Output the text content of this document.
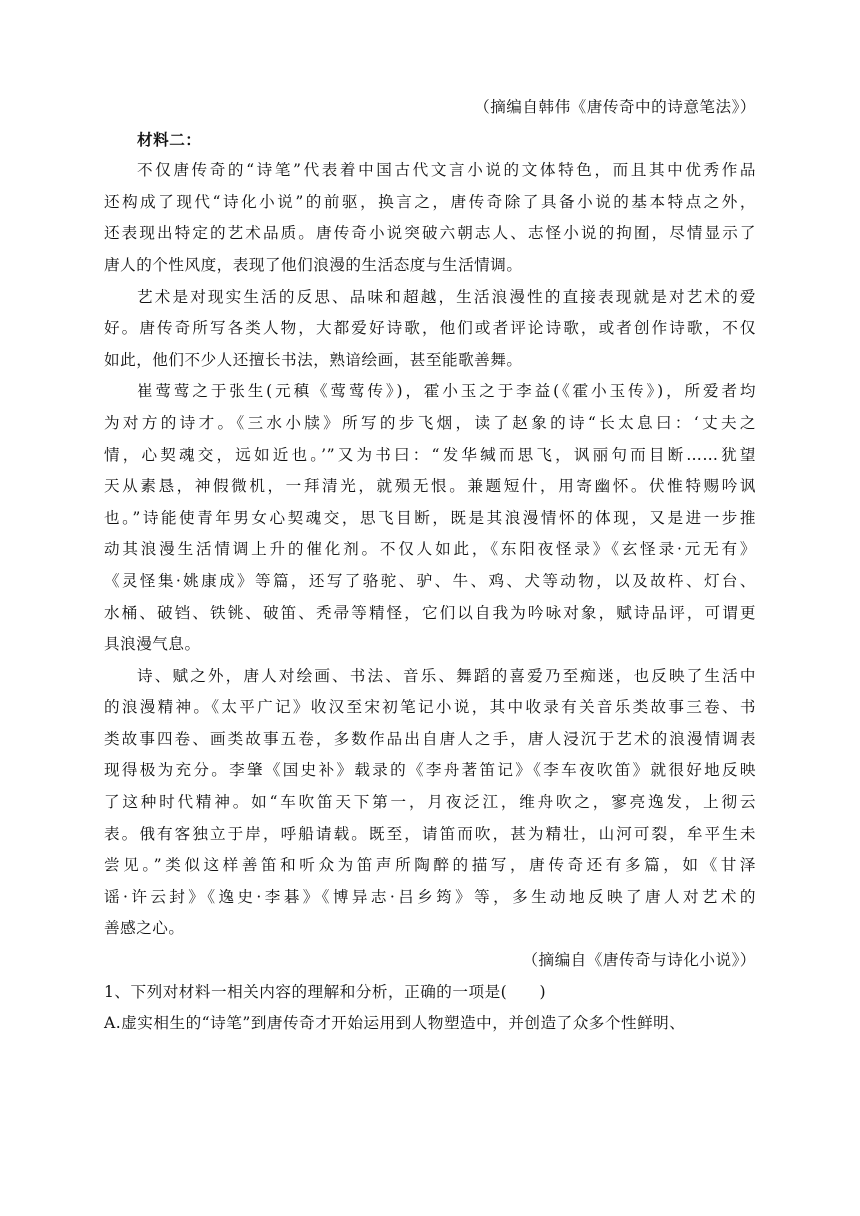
（摘编自韩伟《唐传奇中的诗意笔法》）
材料二：
不仅唐传奇的“诗笔”代表着中国古代文言小说的文体特色，而且其中优秀作品
还构成了现代“诗化小说”的前驱，换言之，唐传奇除了具备小说的基本特点之外，
还表现出特定的艺术品质。唐传奇小说突破六朝志人、志怪小说的拘囿，尽情显示了
唐人的个性风度，表现了他们浪漫的生活态度与生活情调。
艺术是对现实生活的反思、品味和超越，生活浪漫性的直接表现就是对艺术的爱
好。唐传奇所写各类人物，大都爱好诗歌，他们或者评论诗歌，或者创作诗歌，不仅
如此，他们不少人还擅长书法，熟谙绘画，甚至能歌善舞。
崔莺莺之于张生(元稹《莺莺传》)，霍小玉之于李益(《霍小玉传》)，所爱者均
为对方的诗才。《三水小牍》所写的步飞烟，读了赵象的诗“长太息曰：‘丈夫之
情，心契魂交，远如近也。’”又为书曰：“发华缄而思飞，讽丽句而目断……犹望
天从素恳，神假微机，一拜清光，就殒无恨。兼题短什，用寄幽怀。伏惟特赐吟讽
也。”诗能使青年男女心契魂交，思飞目断，既是其浪漫情怀的体现，又是进一步推
动其浪漫生活情调上升的催化剂。不仅人如此，《东阳夜怪录》《玄怪录·元无有》
《灵怪集·姚康成》等篇，还写了骆驼、驴、牛、鸡、犬等动物，以及故杵、灯台、
水桶、破铛、铁铫、破笛、秃帚等精怪，它们以自我为吟咏对象，赋诗品评，可谓更
具浪漫气息。
诗、赋之外，唐人对绘画、书法、音乐、舞蹈的喜爱乃至痴迷，也反映了生活中
的浪漫精神。《太平广记》收汉至宋初笔记小说，其中收录有关音乐类故事三卷、书
类故事四卷、画类故事五卷，多数作品出自唐人之手，唐人浸沉于艺术的浪漫情调表
现得极为充分。李肇《国史补》载录的《李舟著笛记》《李车夜吹笛》就很好地反映
了这种时代精神。如“车吹笛天下第一，月夜泛江，维舟吹之，寥亮逸发，上彻云
表。俄有客独立于岸，呼船请载。既至，请笛而吹，甚为精壮，山河可裂，牟平生未
尝见。”类似这样善笛和听众为笛声所陶醉的描写，唐传奇还有多篇，如《甘泽
谣·许云封》《逸史·李碁》《博异志·吕乡筠》等，多生动地反映了唐人对艺术的
善感之心。
（摘编自《唐传奇与诗化小说》）
1、下列对材料一相关内容的理解和分析，正确的一项是(　　)
A.虚实相生的“诗笔”到唐传奇才开始运用到人物塑造中，并创造了众多个性鲜明、
